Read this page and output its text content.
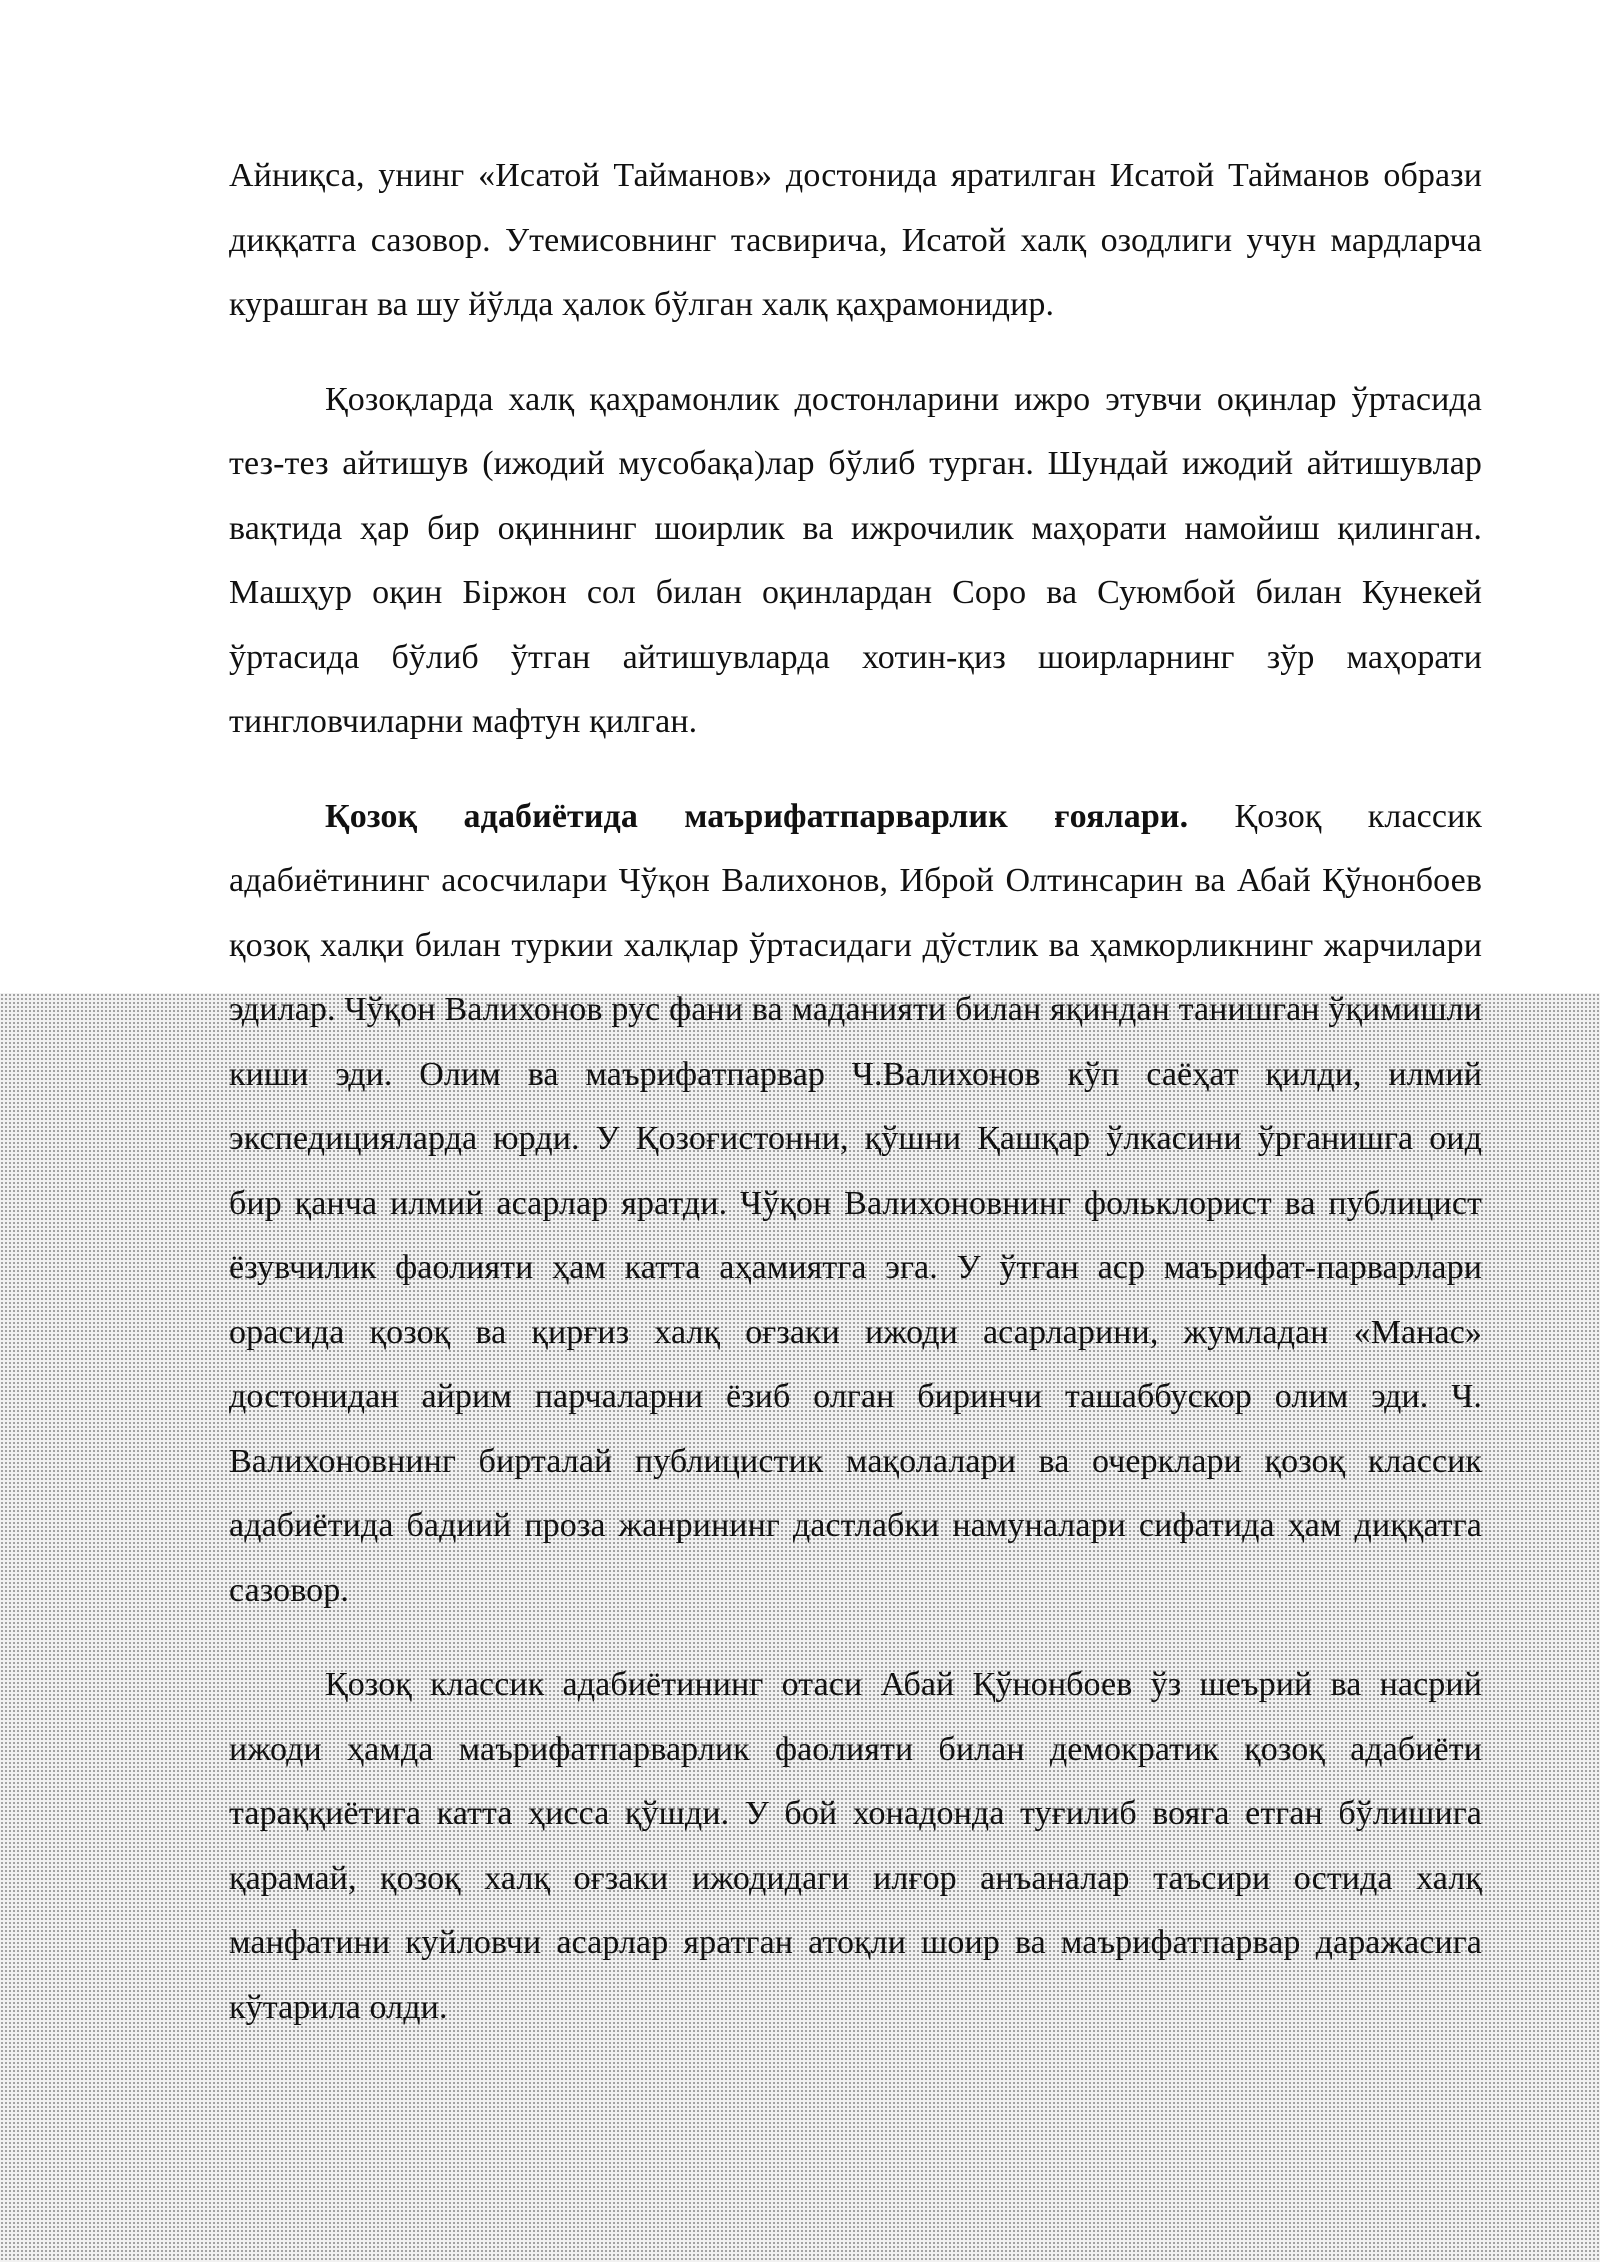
Айниқса, унинг «Исатой Тайманов» достонида яратилган Исатой Тайманов образи диққатга сазовор. Утемисовнинг тасвирича, Исатой халқ озодлиги учун мардларча курашган ва шу йўлда ҳалок бўлган халқ қаҳрамонидир.

Қозоқларда халқ қаҳрамонлик достонларини ижро этувчи оқинлар ўртасида тез-тез айтишув (ижодий мусобақа)лар бўлиб турган. Шундай ижодий айтишувлар вақтида ҳар бир оқиннинг шоирлик ва ижрочилик маҳорати намойиш қилинган. Машҳур оқин Бiржон сол билан оқинлардан Соро ва Суюмбой билан Кунекей ўртасида бўлиб ўтган айтишувларда хотин-қиз шоирларнинг зўр маҳорати тингловчиларни мафтун қилган.

Қозоқ адабиётида маърифатпарварлик ғоялари. Қозоқ классик адабиётининг асосчилари Чўқон Валихонов, Иброй Олтинсарин ва Абай Қўнонбоев қозоқ халқи билан туркии халқлар ўртасидаги дўстлик ва ҳамкорликнинг жарчилари эдилар. Чўқон Валихонов рус фани ва маданияти билан яқиндан танишган ўқимишли киши эди. Олим ва маърифатпарвар Ч.Валихонов кўп саёҳат қилди, илмий экспедицияларда юрди. У Қозоғистонни, қўшни Қашқар ўлкасини ўрганишга оид бир қанча илмий асарлар яратди. Чўқон Валихоновнинг фольклорист ва публицист ёзувчилик фаолияти ҳам катта аҳамиятга эга. У ўтган аср маърифат-парварлари орасида қозоқ ва қирғиз халқ оғзаки ижоди асарларини, жумладан «Манас» достонидан айрим парчаларни ёзиб олган биринчи ташаббускор олим эди. Ч. Валихоновнинг бирталай публицистик мақолалари ва очерклари қозоқ классик адабиётида бадиий проза жанрининг дастлабки намуналари сифатида ҳам диққатга сазовор.

Қозоқ классик адабиётининг отаси Абай Қўнонбоев ўз шеърий ва насрий ижоди ҳамда маърифатпарварлик фаолияти билан демократик қозоқ адабиёти тараққиётига катта ҳисса қўшди. У бой хонадонда туғилиб вояга етган бўлишига қарамай, қозоқ халқ оғзаки ижодидаги илғор анъаналар таъсири остида халқ манфатини куйловчи асарлар яратган атоқли шоир ва маърифатпарвар даражасига кўтарила олди.
